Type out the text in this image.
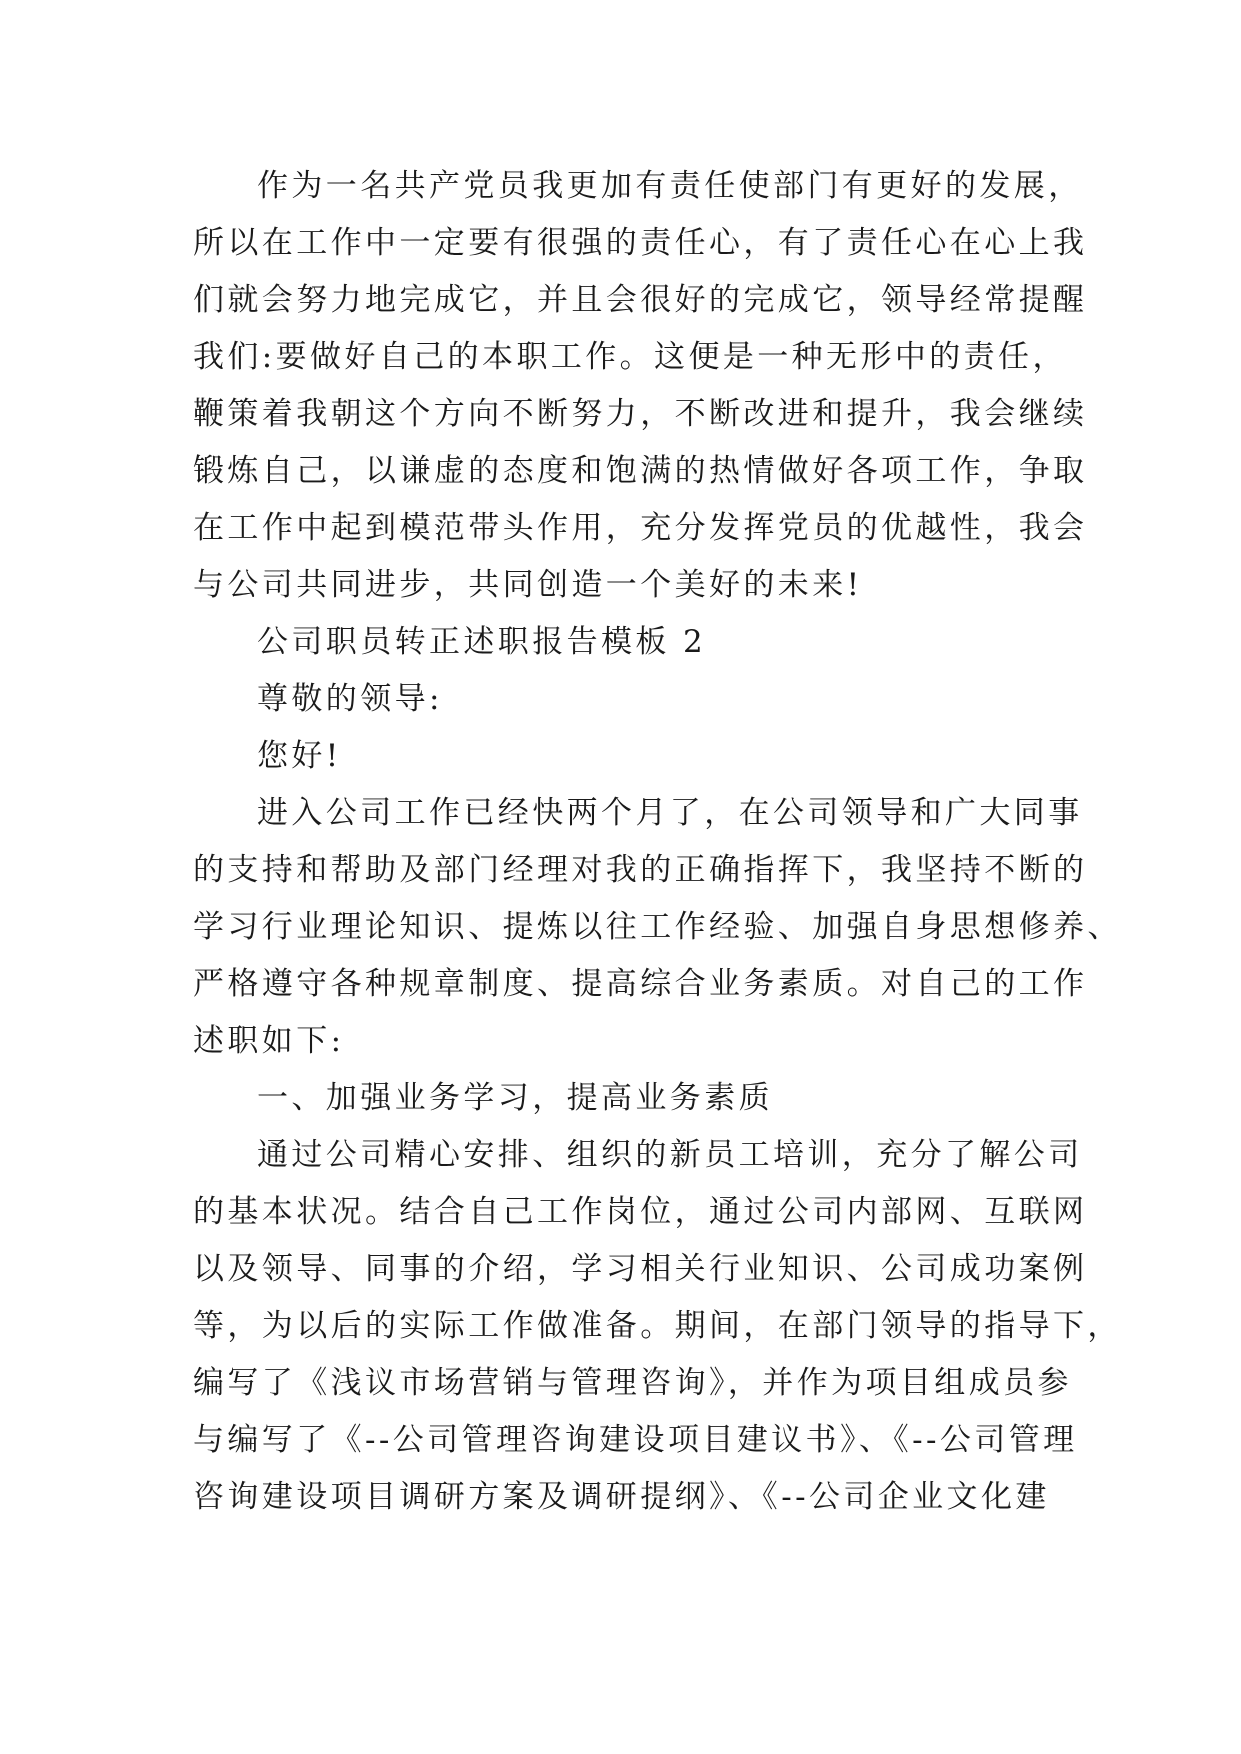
作为一名共产党员我更加有责任使部门有更好的发展，
所以在工作中一定要有很强的责任心，有了责任心在心上我
们就会努力地完成它，并且会很好的完成它，领导经常提醒
我们:要做好自己的本职工作。这便是一种无形中的责任，
鞭策着我朝这个方向不断努力，不断改进和提升，我会继续
锻炼自己，以谦虚的态度和饱满的热情做好各项工作，争取
在工作中起到模范带头作用，充分发挥党员的优越性，我会
与公司共同进步，共同创造一个美好的未来!
公司职员转正述职报告模板 2
尊敬的领导:
您好!
进入公司工作已经快两个月了，在公司领导和广大同事
的支持和帮助及部门经理对我的正确指挥下，我坚持不断的
学习行业理论知识、提炼以往工作经验、加强自身思想修养、
严格遵守各种规章制度、提高综合业务素质。对自己的工作
述职如下:
一、加强业务学习，提高业务素质
通过公司精心安排、组织的新员工培训，充分了解公司
的基本状况。结合自己工作岗位，通过公司内部网、互联网
以及领导、同事的介绍，学习相关行业知识、公司成功案例
等，为以后的实际工作做准备。期间，在部门领导的指导下，
编写了《浅议市场营销与管理咨询》，并作为项目组成员参
与编写了《--公司管理咨询建设项目建议书》、《--公司管理
咨询建设项目调研方案及调研提纲》、《--公司企业文化建
